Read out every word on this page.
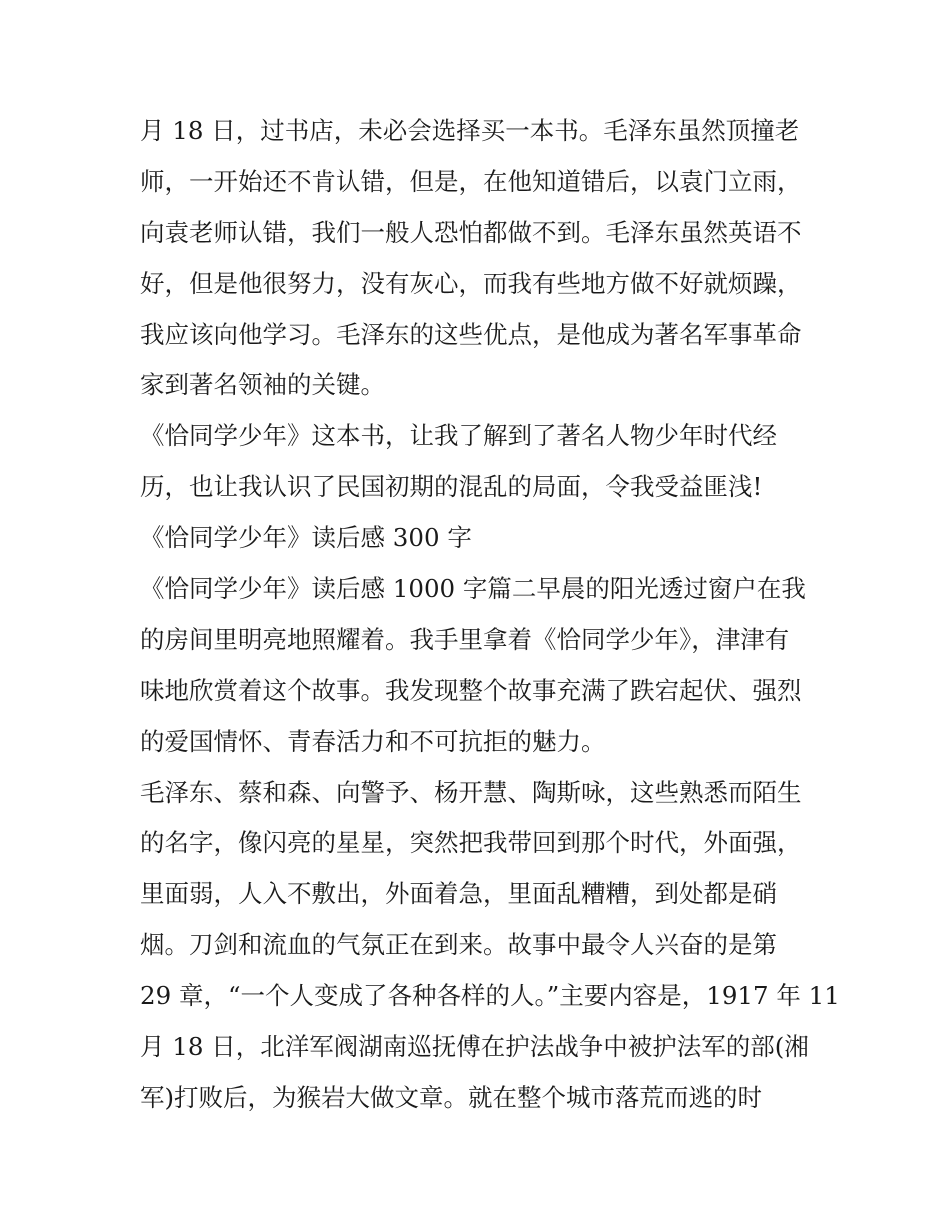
月 18 日，过书店，未必会选择买一本书。毛泽东虽然顶撞老
师，一开始还不肯认错，但是，在他知道错后，以袁门立雨，
向袁老师认错，我们一般人恐怕都做不到。毛泽东虽然英语不
好，但是他很努力，没有灰心，而我有些地方做不好就烦躁，
我应该向他学习。毛泽东的这些优点，是他成为著名军事革命
家到著名领袖的关键。
《恰同学少年》这本书，让我了解到了著名人物少年时代经
历，也让我认识了民国初期的混乱的局面，令我受益匪浅!
《恰同学少年》读后感 300 字
《恰同学少年》读后感 1000 字篇二早晨的阳光透过窗户在我
的房间里明亮地照耀着。我手里拿着《恰同学少年》，津津有
味地欣赏着这个故事。我发现整个故事充满了跌宕起伏、强烈
的爱国情怀、青春活力和不可抗拒的魅力。
毛泽东、蔡和森、向警予、杨开慧、陶斯咏，这些熟悉而陌生
的名字，像闪亮的星星，突然把我带回到那个时代，外面强，
里面弱，人入不敷出，外面着急，里面乱糟糟，到处都是硝
烟。刀剑和流血的气氛正在到来。故事中最令人兴奋的是第
29 章，“一个人变成了各种各样的人。”主要内容是，1917 年 11
月 18 日，北洋军阀湖南巡抚傅在护法战争中被护法军的部(湘
军)打败后，为猴岩大做文章。就在整个城市落荒而逃的时
